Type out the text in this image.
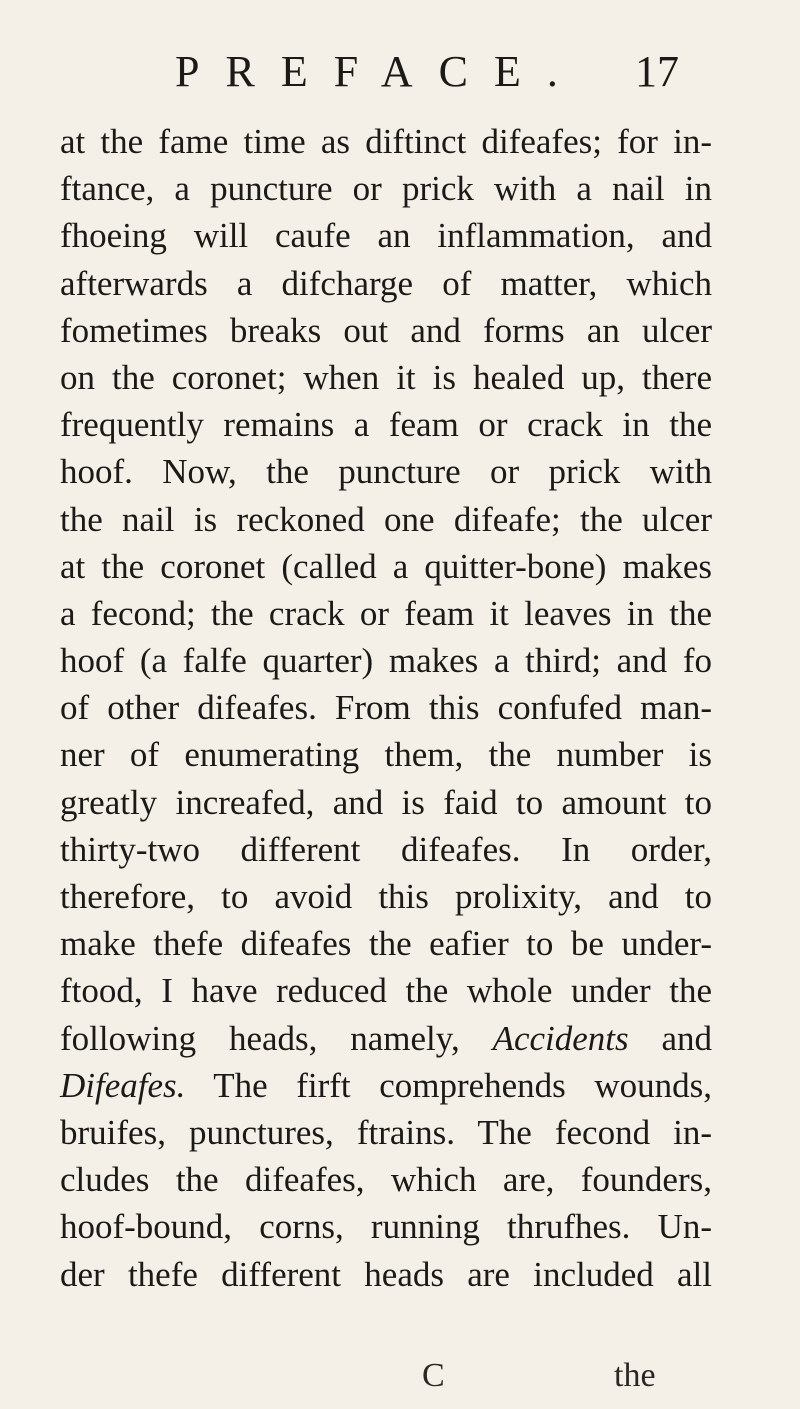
PREFACE. 17
at the fame time as diftinct difeafes; for in-
ftance, a puncture or prick with a nail in
fhoeing will caufe an inflammation, and
afterwards a difcharge of matter, which
fometimes breaks out and forms an ulcer
on the coronet; when it is healed up, there
frequently remains a feam or crack in the
hoof. Now, the puncture or prick with
the nail is reckoned one difeafe; the ulcer
at the coronet (called a quitter-bone) makes
a fecond; the crack or feam it leaves in the
hoof (a falfe quarter) makes a third; and fo
of other difeafes. From this confufed man-
ner of enumerating them, the number is
greatly increafed, and is faid to amount to
thirty-two different difeafes. In order,
therefore, to avoid this prolixity, and to
make thefe difeafes the eafier to be under-
ftood, I have reduced the whole under the
following heads, namely, Accidents and
Difeafes. The firft comprehends wounds,
bruifes, punctures, ftrains. The fecond in-
cludes the difeafes, which are, founders,
hoof-bound, corns, running thrufhes. Un-
der thefe different heads are included all
C	the
